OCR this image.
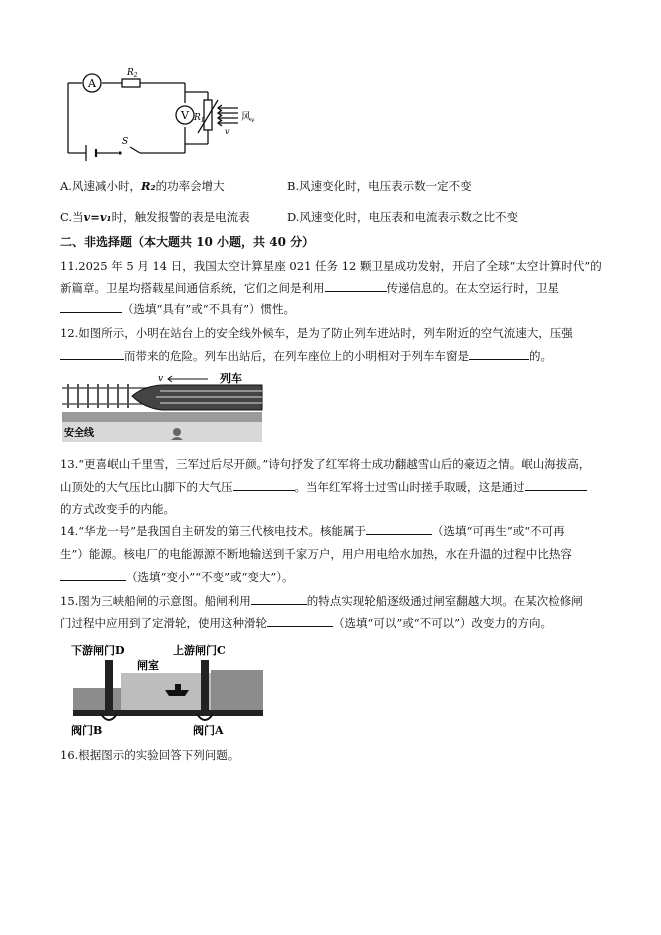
A
$R_2$
V $R_1$	风$_v$
v
S
A.风速减小时，R₂的功率会增大	B.风速变化时，电压表示数一定不变
C.当v=v₁时，触发报警的表是电流表	D.风速变化时，电压表和电流表示数之比不变
二、非选择题（本大题共 10 小题，共 40 分）
11.2025 年 5 月 14 日，我国太空计算星座 021 任务 12 颗卫星成功发射，开启了全球“太空计算时代”的
新篇章。卫星均搭载星间通信系统，它们之间是利用	传递信息的。在太空运行时，卫星
（选填“具有”或“不具有”）惯性。
12.如图所示，小明在站台上的安全线外候车，是为了防止列车进站时，列车附近的空气流速大，压强
而带来的危险。列车出站后，在列车座位上的小明相对于列车车窗是	的。
v	列车
安全线
13.“更喜岷山千里雪，三军过后尽开颜。”诗句抒发了红军将士成功翻越雪山后的豪迈之情。岷山海拔高，
山顶处的大气压比山脚下的大气压	。当年红军将士过雪山时搓手取暖，这是通过
的方式改变手的内能。
14.“华龙一号”是我国自主研发的第三代核电技术。核能属于	（选填“可再生”或“不可再
生”）能源。核电厂的电能源源不断地输送到千家万户，用户用电给水加热，水在升温的过程中比热容
（选填“变小”“不变”或“变大”）。
15.图为三峡船闸的示意图。船闸利用	的特点实现轮船逐级通过闸室翻越大坝。在某次检修闸
门过程中应用到了定滑轮，使用这种滑轮	（选填“可以”或“不可以”）改变力的方向。
下游闸门D	上游闸门C
闸室
阀门B	阀门A
16.根据图示的实验回答下列问题。
